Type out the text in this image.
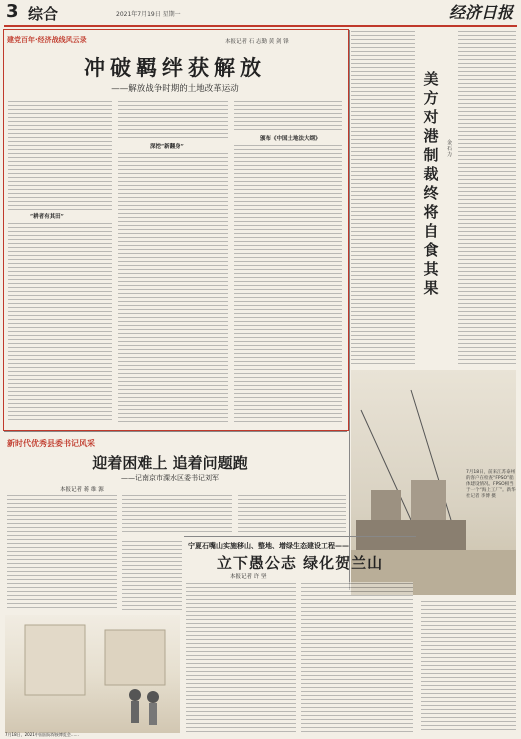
3 综合	2021年7月19日 星期一	经济日报
建党百年·经济战线风云录	本报记者 石 志勤 黄 剑 锋
冲破羁绊获解放
——解放战争时期的土地改革运动
“耕者有其田”
深挖“新翻身”
颁布《中国土地法大纲》
美方对港制裁终将自食其果
金 石 力
7月18日，前来江苏泰州的客户在检查“FPSO”船体建设情况。FPSO相当于一个“海上工厂”。新华社记者 李博 摄
新时代优秀县委书记风采
迎着困难上 追着问题跑
——记南京市溧水区委书记刘军
本报记者 蒋 维 源
7月18日，2021中国国际焊接博览会……
宁夏石嘴山实施移山、整地、增绿生态建设工程——
立下愚公志 绿化贺兰山
本报记者 许 坚
